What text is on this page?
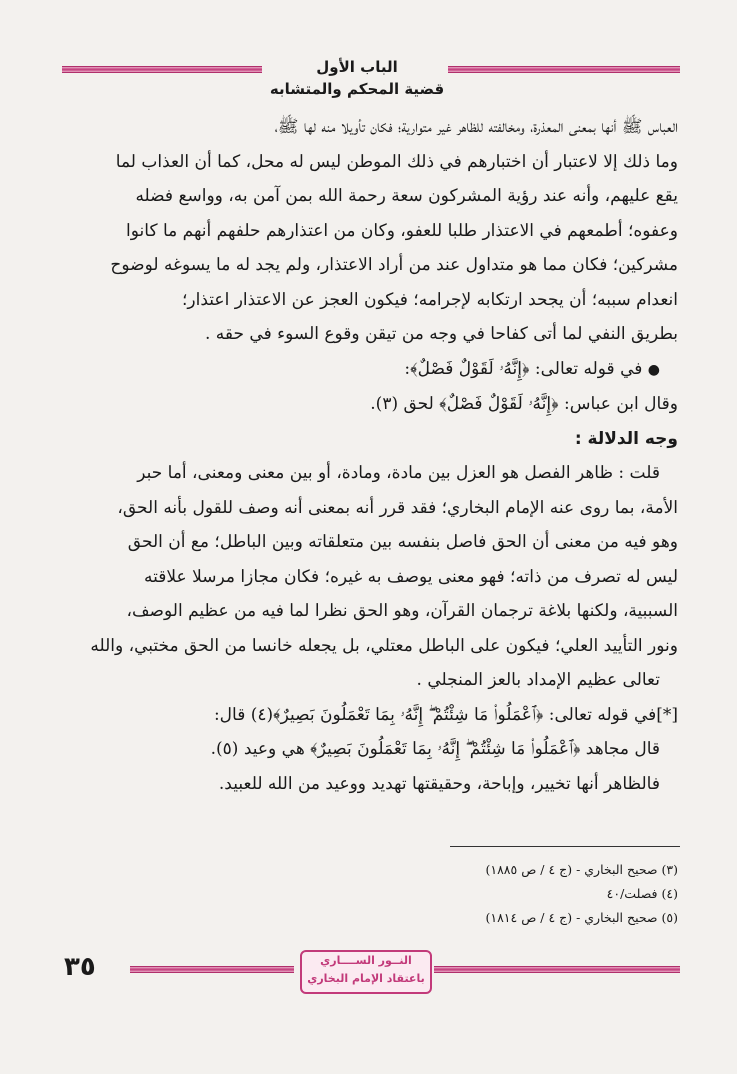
الباب الأول
قضية المحكم والمتشابه

العباس ﷺ أنها بمعنى المعذرة، ومخالفته للظاهر غير متوارية؛ فكان تأويلا منه لها ﷺ،

وما ذلك إلا لاعتبار أن اختبارهم في ذلك الموطن ليس له محل، كما أن العذاب لما

يقع عليهم، وأنه عند رؤية المشركون سعة رحمة الله بمن آمن به، وواسع فضله

وعفوه؛ أطمعهم في الاعتذار طلبا للعفو، وكان من اعتذارهم حلفهم أنهم ما كانوا

مشركين؛ فكان مما هو متداول عند من أراد الاعتذار، ولم يجد له ما يسوغه لوضوح

انعدام سببه؛ أن يجحد ارتكابه لإجرامه؛ فيكون العجز عن الاعتذار اعتذار؛

بطريق النفي لما أتى كفاحا في وجه من تيقن وقوع السوء في حقه .

● في قوله تعالى: ﴿إِنَّهُۥ لَقَوْلٌ فَصْلٌ﴾:

وقال ابن عباس: ﴿إِنَّهُۥ لَقَوْلٌ فَصْلٌ﴾ لحق (٣).

وجه الدلالة :

قلت : ظاهر الفصل هو العزل بين مادة، ومادة، أو بين معنى ومعنى، أما حبر

الأمة، بما روى عنه الإمام البخاري؛ فقد قرر أنه بمعنى أنه وصف للقول بأنه الحق،

وهو فيه من معنى أن الحق فاصل بنفسه بين متعلقاته وبين الباطل؛ مع أن الحق

ليس له تصرف من ذاته؛ فهو معنى يوصف به غيره؛ فكان مجازا مرسلا علاقته

السببية، ولكنها بلاغة ترجمان القرآن، وهو الحق نظرا لما فيه من عظيم الوصف،

ونور التأييد العلي؛ فيكون على الباطل معتلي، بل يجعله خانسا من الحق مختبي، والله

تعالى عظيم الإمداد بالعز المنجلي .

[*]في قوله تعالى: ﴿ٱعْمَلُوا۟ مَا شِئْتُمْ ۖ إِنَّهُۥ بِمَا تَعْمَلُونَ بَصِيرٌ﴾(٤) قال:

قال مجاهد ﴿ٱعْمَلُوا۟ مَا شِئْتُمْ ۖ إِنَّهُۥ بِمَا تَعْمَلُونَ بَصِيرٌ﴾ هي وعيد (٥).

فالظاهر أنها تخيير، وإباحة، وحقيقتها تهديد ووعيد من الله للعبيد.

(٣) صحيح البخاري - (ج ٤ / ص ١٨٨٥)
(٤) فصلت/٤٠
(٥) صحيح البخاري - (ج ٤ / ص ١٨١٤)
٣٥	النــور الســــاري
باعتقاد الإمام البخاري
